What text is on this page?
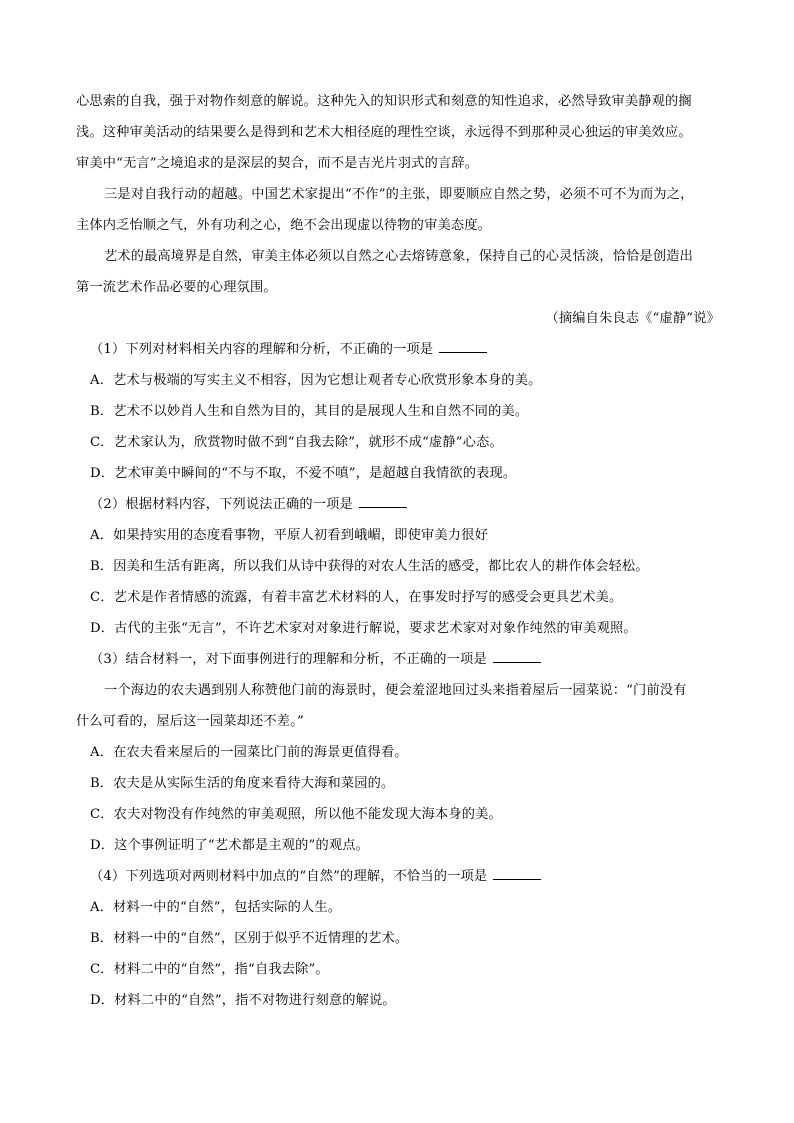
心思索的自我，强于对物作刻意的解说。这种先入的知识形式和刻意的知性追求，必然导致审美静观的搁
浅。这种审美活动的结果要么是得到和艺术大相径庭的理性空谈，永远得不到那种灵心独运的审美效应。
审美中“无言”之境追求的是深层的契合，而不是吉光片羽式的言辞。
三是对自我行动的超越。中国艺术家提出“不作”的主张，即要顺应自然之势，必须不可不为而为之，
主体内乏怡顺之气，外有功利之心，绝不会出现虚以待物的审美态度。
艺术的最高境界是自然，审美主体必须以自然之心去熔铸意象，保持自己的心灵恬淡，恰恰是创造出
第一流艺术作品必要的心理氛围。
（摘编自朱良志《“虚静”说》
（1）下列对材料相关内容的理解和分析，不正确的一项是
A．艺术与极端的写实主义不相容，因为它想让观者专心欣赏形象本身的美。
B．艺术不以妙肖人生和自然为目的，其目的是展现人生和自然不同的美。
C．艺术家认为，欣赏物时做不到“自我去除”，就形不成“虚静”心态。
D．艺术审美中瞬间的“不与不取，不爱不嗔”，是超越自我情欲的表现。
（2）根据材料内容，下列说法正确的一项是
A．如果持实用的态度看事物，平原人初看到峨嵋，即使审美力很好
B．因美和生活有距离，所以我们从诗中获得的对农人生活的感受，都比农人的耕作体会轻松。
C．艺术是作者情感的流露，有着丰富艺术材料的人，在事发时抒写的感受会更具艺术美。
D．古代的主张“无言”，不许艺术家对对象进行解说，要求艺术家对对象作纯然的审美观照。
（3）结合材料一，对下面事例进行的理解和分析，不正确的一项是
一个海边的农夫遇到别人称赞他门前的海景时，便会羞涩地回过头来指着屋后一园菜说：“门前没有
什么可看的，屋后这一园菜却还不差。”
A．在农夫看来屋后的一园菜比门前的海景更值得看。
B．农夫是从实际生活的角度来看待大海和菜园的。
C．农夫对物没有作纯然的审美观照，所以他不能发现大海本身的美。
D．这个事例证明了“艺术都是主观的”的观点。
（4）下列选项对两则材料中加点的“自然”的理解，不恰当的一项是
A．材料一中的“自然”，包括实际的人生。
B．材料一中的“自然”，区别于似乎不近情理的艺术。
C．材料二中的“自然”，指“自我去除”。
D．材料二中的“自然”，指不对物进行刻意的解说。
